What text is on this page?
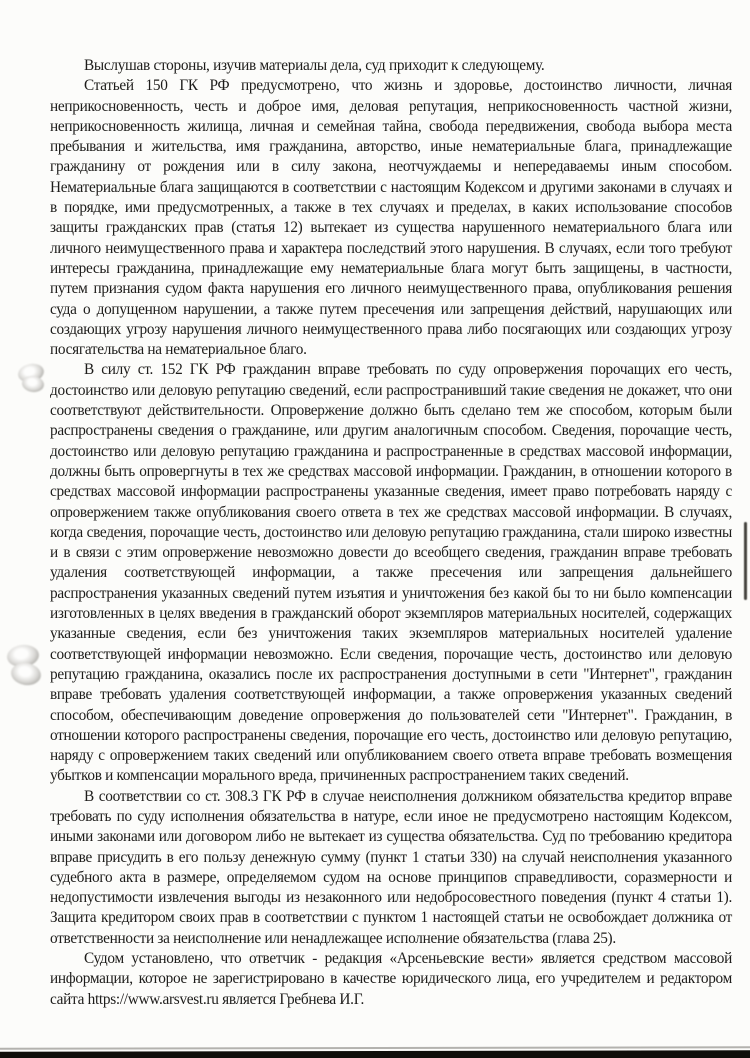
Выслушав стороны, изучив материалы дела, суд приходит к следующему.

Статьей 150 ГК РФ предусмотрено, что жизнь и здоровье, достоинство личности, личная неприкосновенность, честь и доброе имя, деловая репутация, неприкосновенность частной жизни, неприкосновенность жилища, личная и семейная тайна, свобода передвижения, свобода выбора места пребывания и жительства, имя гражданина, авторство, иные нематериальные блага, принадлежащие гражданину от рождения или в силу закона, неотчуждаемы и непередаваемы иным способом. Нематериальные блага защищаются в соответствии с настоящим Кодексом и другими законами в случаях и в порядке, ими предусмотренных, а также в тех случаях и пределах, в каких использование способов защиты гражданских прав (статья 12) вытекает из существа нарушенного нематериального блага или личного неимущественного права и характера последствий этого нарушения. В случаях, если того требуют интересы гражданина, принадлежащие ему нематериальные блага могут быть защищены, в частности, путем признания судом факта нарушения его личного неимущественного права, опубликования решения суда о допущенном нарушении, а также путем пресечения или запрещения действий, нарушающих или создающих угрозу нарушения личного неимущественного права либо посягающих или создающих угрозу посягательства на нематериальное благо.

В силу ст. 152 ГК РФ гражданин вправе требовать по суду опровержения порочащих его честь, достоинство или деловую репутацию сведений, если распространивший такие сведения не докажет, что они соответствуют действительности. Опровержение должно быть сделано тем же способом, которым были распространены сведения о гражданине, или другим аналогичным способом. Сведения, порочащие честь, достоинство или деловую репутацию гражданина и распространенные в средствах массовой информации, должны быть опровергнуты в тех же средствах массовой информации. Гражданин, в отношении которого в средствах массовой информации распространены указанные сведения, имеет право потребовать наряду с опровержением также опубликования своего ответа в тех же средствах массовой информации. В случаях, когда сведения, порочащие честь, достоинство или деловую репутацию гражданина, стали широко известны и в связи с этим опровержение невозможно довести до всеобщего сведения, гражданин вправе требовать удаления соответствующей информации, а также пресечения или запрещения дальнейшего распространения указанных сведений путем изъятия и уничтожения без какой бы то ни было компенсации изготовленных в целях введения в гражданский оборот экземпляров материальных носителей, содержащих указанные сведения, если без уничтожения таких экземпляров материальных носителей удаление соответствующей информации невозможно. Если сведения, порочащие честь, достоинство или деловую репутацию гражданина, оказались после их распространения доступными в сети "Интернет", гражданин вправе требовать удаления соответствующей информации, а также опровержения указанных сведений способом, обеспечивающим доведение опровержения до пользователей сети "Интернет". Гражданин, в отношении которого распространены сведения, порочащие его честь, достоинство или деловую репутацию, наряду с опровержением таких сведений или опубликованием своего ответа вправе требовать возмещения убытков и компенсации морального вреда, причиненных распространением таких сведений.

В соответствии со ст. 308.3 ГК РФ в случае неисполнения должником обязательства кредитор вправе требовать по суду исполнения обязательства в натуре, если иное не предусмотрено настоящим Кодексом, иными законами или договором либо не вытекает из существа обязательства. Суд по требованию кредитора вправе присудить в его пользу денежную сумму (пункт 1 статьи 330) на случай неисполнения указанного судебного акта в размере, определяемом судом на основе принципов справедливости, соразмерности и недопустимости извлечения выгоды из незаконного или недобросовестного поведения (пункт 4 статьи 1). Защита кредитором своих прав в соответствии с пунктом 1 настоящей статьи не освобождает должника от ответственности за неисполнение или ненадлежащее исполнение обязательства (глава 25).

Судом установлено, что ответчик - редакция «Арсеньевские вести» является средством массовой информации, которое не зарегистрировано в качестве юридического лица, его учредителем и редактором сайта https://www.arsvest.ru является Гребнева И.Г.
